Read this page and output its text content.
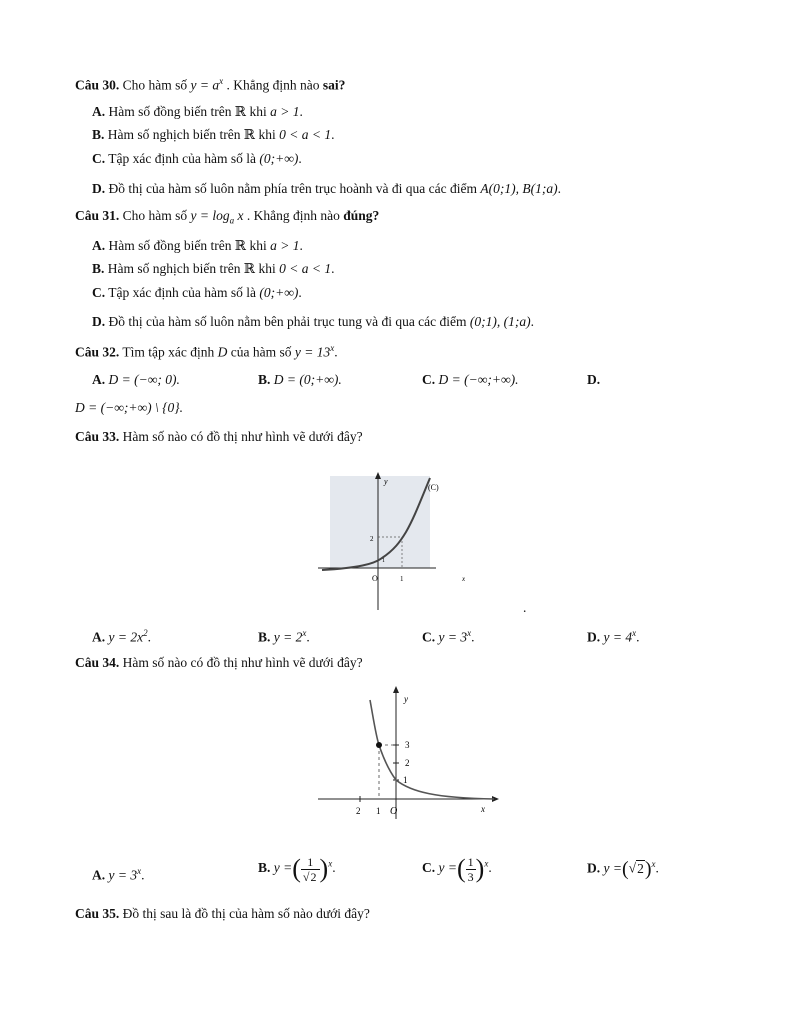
Câu 30. Cho hàm số $y = a^x$ . Khẳng định nào sai?
A. Hàm số đồng biến trên ℝ khi a > 1.
B. Hàm số nghịch biến trên ℝ khi 0 < a < 1.
C. Tập xác định của hàm số là (0;+∞).
D. Đồ thị của hàm số luôn nằm phía trên trục hoành và đi qua các điểm A(0;1), B(1;a).
Câu 31. Cho hàm số $y = \log_a x$ . Khẳng định nào đúng?
A. Hàm số đồng biến trên ℝ khi a > 1.
B. Hàm số nghịch biến trên ℝ khi 0 < a < 1.
C. Tập xác định của hàm số là (0;+∞).
D. Đồ thị của hàm số luôn nằm bên phải trục tung và đi qua các điểm (0;1), (1;a).
Câu 32. Tìm tập xác định D của hàm số $y = 13^x$.
A. D = (−∞; 0).	B. D = (0;+∞).	C. D = (−∞;+∞).	D.
D = (−∞;+∞) \ {0}.
Câu 33. Hàm số nào có đồ thị như hình vẽ dưới đây?
y
(C)
2
1
O	1	x
.
A. $y = 2x^2$.	B. $y = 2^x$.	C. $y = 3^x$.	D. $y = 4^x$.
Câu 34. Hàm số nào có đồ thị như hình vẽ dưới đây?
y
3
2
1
2 1 O	x
A. $y = 3^x$.	B. y =( $\frac{1}{√2} )^x$.	C. y =( $\frac{1}{3} )^x$.	D. $y =(√2)^x$.
Câu 35. Đồ thị sau là đồ thị của hàm số nào dưới đây?
